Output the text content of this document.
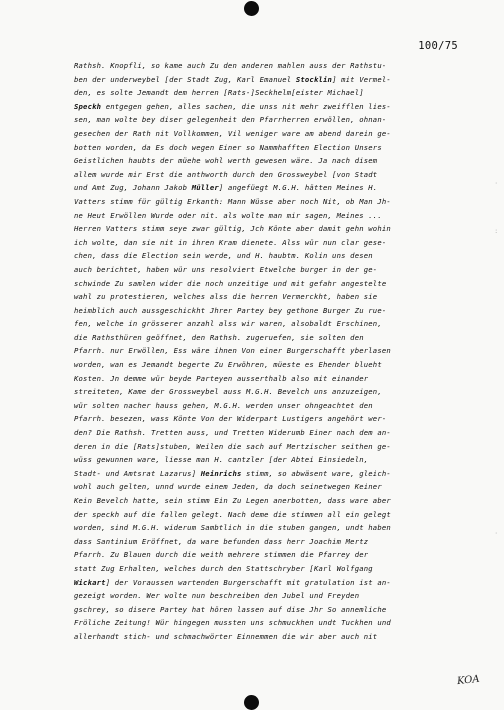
100/75
Rathsh. Knopfli, so kame auch Zu den anderen mahlen auss der Rathstu-
ben der underweybel [der Stadt Zug, Karl Emanuel Stocklin] mit Vermel-
den, es solte Jemandt dem herren [Rats-]Seckhelm[eister Michael]
Speckh entgegen gehen, alles sachen, die unss nit mehr zweifflen lies-
sen, man wolte bey diser gelegenheit den Pfarrherren erwöllen, ohnan-
gesechen der Rath nit Vollkommen, Vil weniger ware am abend darein ge-
botten worden, da Es doch wegen Einer so Nammhafften Election Unsers
Geistlichen haubts der müehe wohl werth gewesen wäre. Ja nach disem
allem wurde mir Erst die anthworth durch den Grossweybel [von Stadt
und Amt Zug, Johann Jakob Müller] angefüegt M.G.H. hätten Meines H.
Vatters stimm für gültig Erkanth: Mann Wüsse aber noch Nit, ob Man Jh-
ne Heut Erwöllen Wurde oder nit. als wolte man mir sagen, Meines ...
Herren Vatters stimm seye zwar gültig, Jch Könte aber damit gehn wohin
ich wolte, dan sie nit in ihren Kram dienete. Alss wür nun clar gese-
chen, dass die Election sein werde, und H. haubtm. Kolin uns desen
auch berichtet, haben wür uns resolviert Etwelche burger in der ge-
schwinde Zu samlen wider die noch unzeitige und mit gefahr angestelte
wahl zu protestieren, welches alss die herren Vermerckht, haben sie
heimblich auch aussgeschickht Jhrer Partey bey gethone Burger Zu rue-
fen, welche in grösserer anzahl alss wir waren, alsobaldt Erschinen,
die Rathsthüren geöffnet, den Rathsh. zugeruefen, sie solten den
Pfarrh. nur Erwöllen, Ess wäre ihnen Von einer Burgerschafft yberlasen
worden, wan es Jemandt begerte Zu Erwöhren, müeste es Ehender blueht
Kosten. Jn demme wür beyde Parteyen ausserthalb also mit einander
streiteten, Kame der Grossweybel auss M.G.H. Bevelch uns anzuzeigen,
wür solten nacher hauss gehen, M.G.H. werden unser ohngeachtet den
Pfarrh. besezen, wass Könte Von der Widerpart Lustigers angehört wer-
den? Die Rathsh. Tretten auss, und Tretten Widerumb Einer nach dem an-
deren in die [Rats]stuben, Weilen die sach auf Mertzischer seithen ge-
wüss gewunnen ware, liesse man H. cantzler [der Abtei Einsiedeln,
Stadt- und Amtsrat Lazarus] Heinrichs stimm, so abwäsent ware, gleich-
wohl auch gelten, unnd wurde einem Jeden, da doch seinetwegen Keiner
Kein Bevelch hatte, sein stimm Ein Zu Legen anerbotten, dass ware aber
der speckh auf die fallen gelegt. Nach deme die stimmen all ein gelegt
worden, sind M.G.H. widerum Sambtlich in die stuben gangen, undt haben
dass Santinium Eröffnet, da ware befunden dass herr Joachim Mertz
Pfarrh. Zu Blauen durch die weith mehrere stimmen die Pfarrey der
statt Zug Erhalten, welches durch den Stattschryber [Karl Wolfgang
Wickart] der Voraussen wartenden Burgerschafft mit gratulation ist an-
gezeigt worden. Wer wolte nun beschreiben den Jubel und Freyden
gschrey, so disere Partey hat hören lassen auf dise Jhr So annemliche
Fröliche Zeitung! Wür hingegen mussten uns schmuckhen undt Tuckhen und
allerhandt stich- und schmachwörter Einnemmen die wir aber auch nit
·
:
·
KOA
